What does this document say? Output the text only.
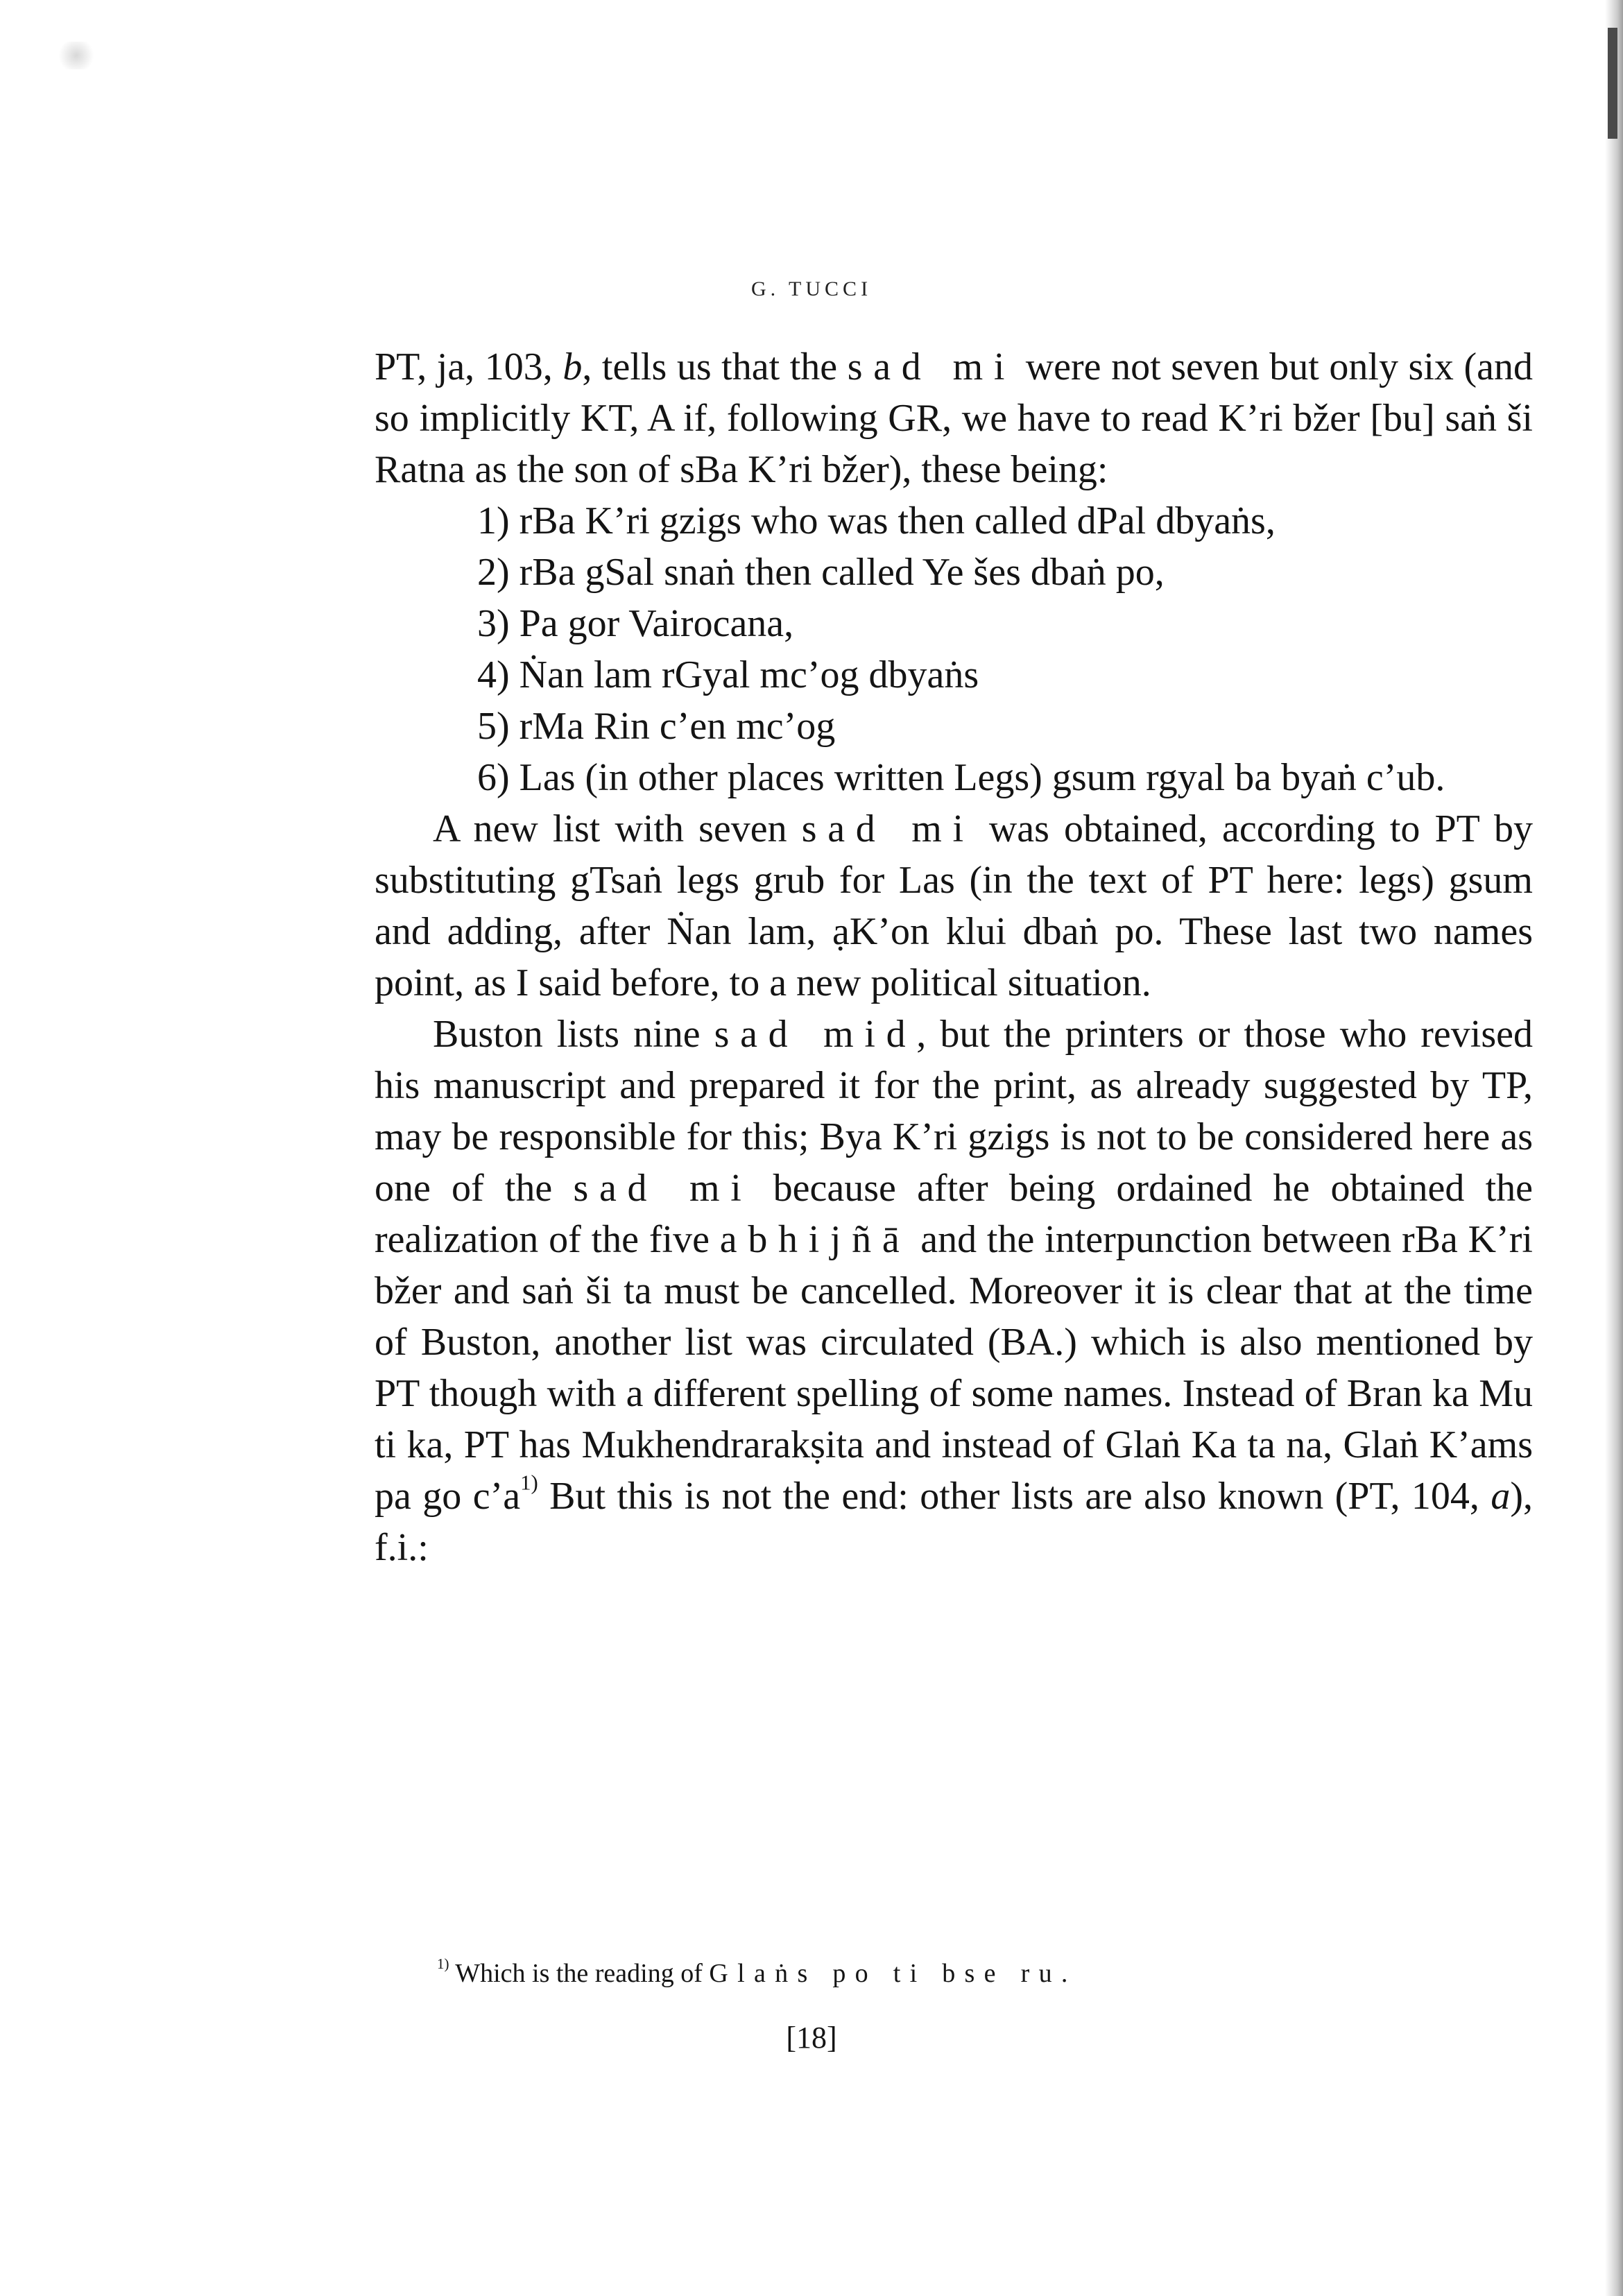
G. TUCCI

PT, ja, 103, b, tells us that the sad mi were not seven but only six (and so implicitly KT, A if, following GR, we have to read K’ri bžer [bu] saṅ ši Ratna as the son of sBa K’ri bžer), these being:

1) rBa K’ri gzigs who was then called dPal dbyaṅs,

2) rBa gSal snaṅ then called Ye šes dbaṅ po,

3) Pa gor Vairocana,

4) Ṅan lam rGyal mc’og dbyaṅs

5) rMa Rin c’en mc’og

6) Las (in other places written Legs) gsum rgyal ba byaṅ c’ub.

A new list with seven sad mi was obtained, according to PT by substituting gTsaṅ legs grub for Las (in the text of PT here: legs) gsum and adding, after Ṅan lam, ạK’on klui dbaṅ po. These last two names point, as I said before, to a new political situation.

Buston lists nine sad mid, but the printers or those who revised his manuscript and prepared it for the print, as already suggested by TP, may be responsible for this; Bya K’ri gzigs is not to be considered here as one of the sad mi because after being ordained he obtained the realization of the five abhijñā and the interpunction between rBa K’ri bžer and saṅ ši ta must be cancelled. Moreover it is clear that at the time of Buston, another list was circulated (BA.) which is also mentioned by PT though with a different spelling of some names. Instead of Bran ka Mu ti ka, PT has Mukhendrarakṣita and instead of Glaṅ Ka ta na, Glaṅ K’ams pa go $c’a^{1)}$ But this is not the end: other lists are also known (PT, 104, a), f.i.:

$^{1)}$ Which is the reading of Glaṅs po ti bse ru.
[18]
